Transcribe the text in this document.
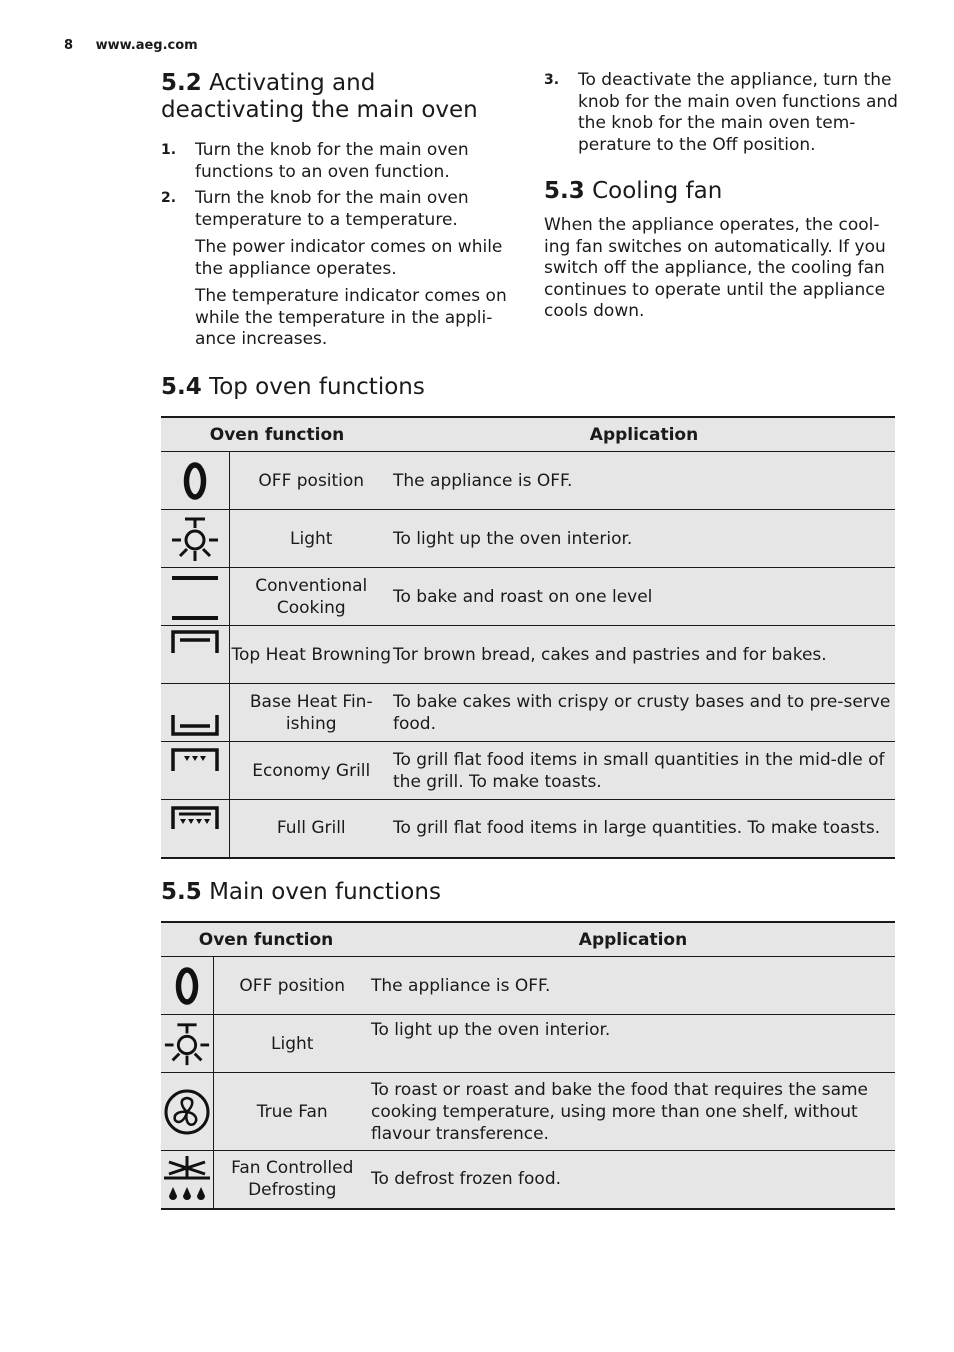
8 www.aeg.com
5.2 Activating and deactivating the main oven
1. Turn the knob for the main oven functions to an oven function.
2. Turn the knob for the main oven temperature to a temperature.
The power indicator comes on while the appliance operates.
The temperature indicator comes on while the temperature in the appli-ance increases.
3. To deactivate the appliance, turn the knob for the main oven functions and the knob for the main oven tem-perature to the Off position.
5.3 Cooling fan
When the appliance operates, the cool-ing fan switches on automatically. If you switch off the appliance, the cooling fan continues to operate until the appliance cools down.
5.4 Top oven functions
Oven function		Application

	OFF position	The appliance is OFF.

	Light	To light up the oven interior.

	Conventional Cooking	To bake and roast on one level

	Top Heat Browning	Tor brown bread, cakes and pastries and for bakes.

	Base Heat Fin-ishing	To bake cakes with crispy or crusty bases and to pre-serve food.

	Economy Grill	To grill flat food items in small quantities in the mid-dle of the grill. To make toasts.

	Full Grill	To grill flat food items in large quantities. To make toasts.
5.5 Main oven functions
Oven function		Application

	OFF position	The appliance is OFF.

	Light	To light up the oven interior.

	True Fan	To roast or roast and bake the food that requires the same cooking temperature, using more than one shelf, without flavour transference.

	Fan Controlled Defrosting	To defrost frozen food.
